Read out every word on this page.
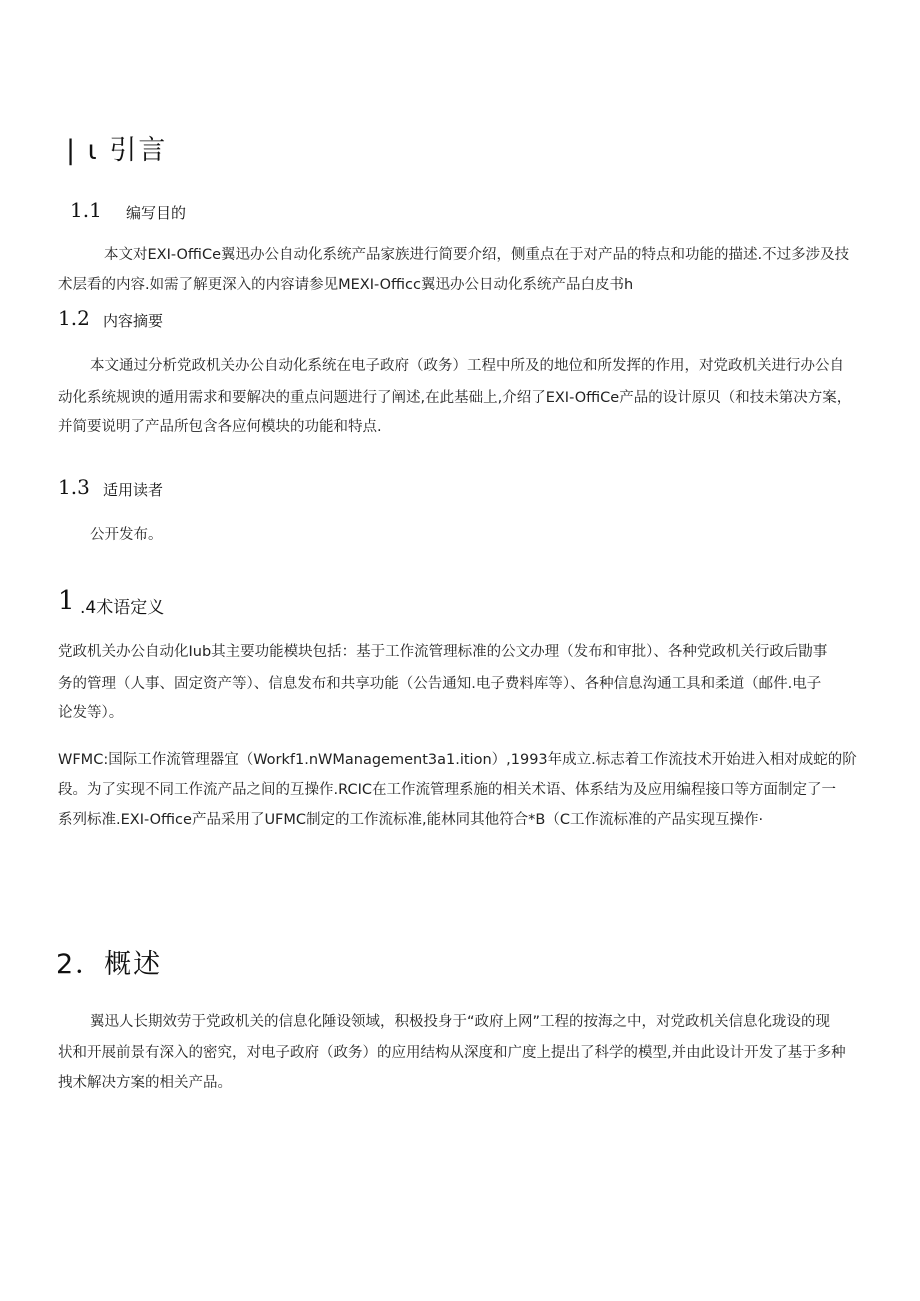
| ι 引言
1.1 编写目的
本文对EXI-OffiCe翼迅办公自动化系统产品家族进行简要介绍，侧重点在于对产品的特点和功能的描述.不过多涉及技
术层看的内容.如需了解更深入的内容请参见MEXI-Officc翼迅办公日动化系统产品白皮书h
1.2 内容摘要
本文通过分析党政机关办公自动化系统在电子政府（政务）工程中所及的地位和所发挥的作用，对党政机关进行办公自
动化系统规谀的遁用需求和要解决的重点问题进行了阐述,在此基础上,介绍了EXI-OffiCe产品的设计原贝（和技未第决方案，
并简要说明了产品所包含各应何模块的功能和特点.
1.3 适用读者
公开发布。
1 .4术语定义
党政机关办公自动化Iub其主要功能模块包括：基于工作流管理标准的公文办理（发布和审批）、各种党政机关行政后勖事
务的管理（人事、固定资产等）、信息发布和共享功能（公告通知.电子费料库等）、各种信息沟通工具和柔道（邮件.电子
论发等）。
WFMC:国际工作流管理器宜（Workf1.nWManagement3a1.ition）,1993年成立.标志着工作流技术开始进入相对成蛇的阶
段。为了实现不同工作流产品之间的互操作.RCIC在工作流管理系施的相关术语、体系结为及应用编程接口等方面制定了一
系列标准.EXI-Office产品采用了UFMC制定的工作流标准,能林同其他符合*B（C工作流标准的产品实现互操作·
2．概述
翼迅人长期效劳于党政机关的信息化陲设领域，积极投身于“政府上网”工程的按海之中，对党政机关信息化珑设的现
状和开展前景有深入的密究，对电子政府（政务）的应用结构从深度和广度上提出了科学的模型,并由此设计开发了基于多种
拽术解决方案的相关产品。
